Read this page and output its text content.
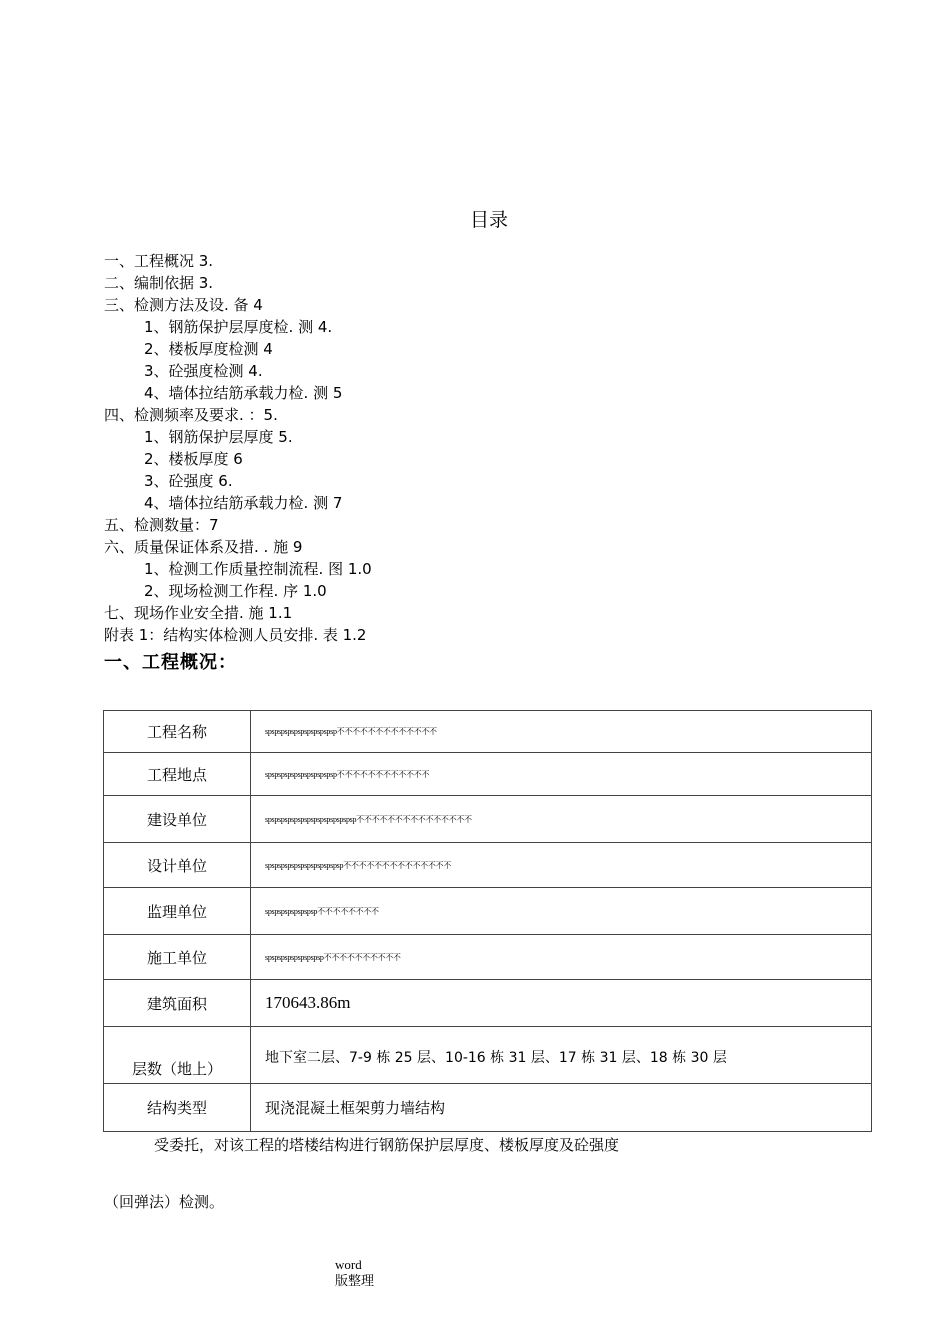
目录
一、工程概况 3.
二、编制依据 3.
三、检测方法及设. 备 4
1、钢筋保护层厚度检. 测 4.
2、楼板厚度检测 4
3、砼强度检测 4.
4、墙体拉结筋承载力检. 测 5
四、检测频率及要求. ：5.
1、钢筋保护层厚度 5.
2、楼板厚度 6
3、砼强度 6.
4、墙体拉结筋承载力检. 测 7
五、检测数量：7
六、质量保证体系及措. . 施 9
1、检测工作质量控制流程. 图 1.0
2、现场检测工作程. 序 1.0
七、现场作业安全措. 施 1.1
附表 1：结构实体检测人员安排. 表 1.2
一、工程概况：
工程名称	spspspspspspspspspspsp不不不不不不不不不不不不不
工程地点	spspspspspspspspspspsp不不不不不不不不不不不不
建设单位	spspspspspspspspspspspspspsp不不不不不不不不不不不不不不不
设计单位	spspspspspspspspspspspsp不不不不不不不不不不不不不不
监理单位	spspspspspspspsp不不不不不不不不
施工单位	spspspspspspspspsp不不不不不不不不不不
建筑面积	170643.86m
层数（地上）	地下室二层、7-9 栋 25 层、10-16 栋 31 层、17 栋 31 层、18 栋 30 层
结构类型	现浇混凝土框架剪力墙结构
受委托，对该工程的塔楼结构进行钢筋保护层厚度、楼板厚度及砼强度
（回弹法）检测。
word
版整理
